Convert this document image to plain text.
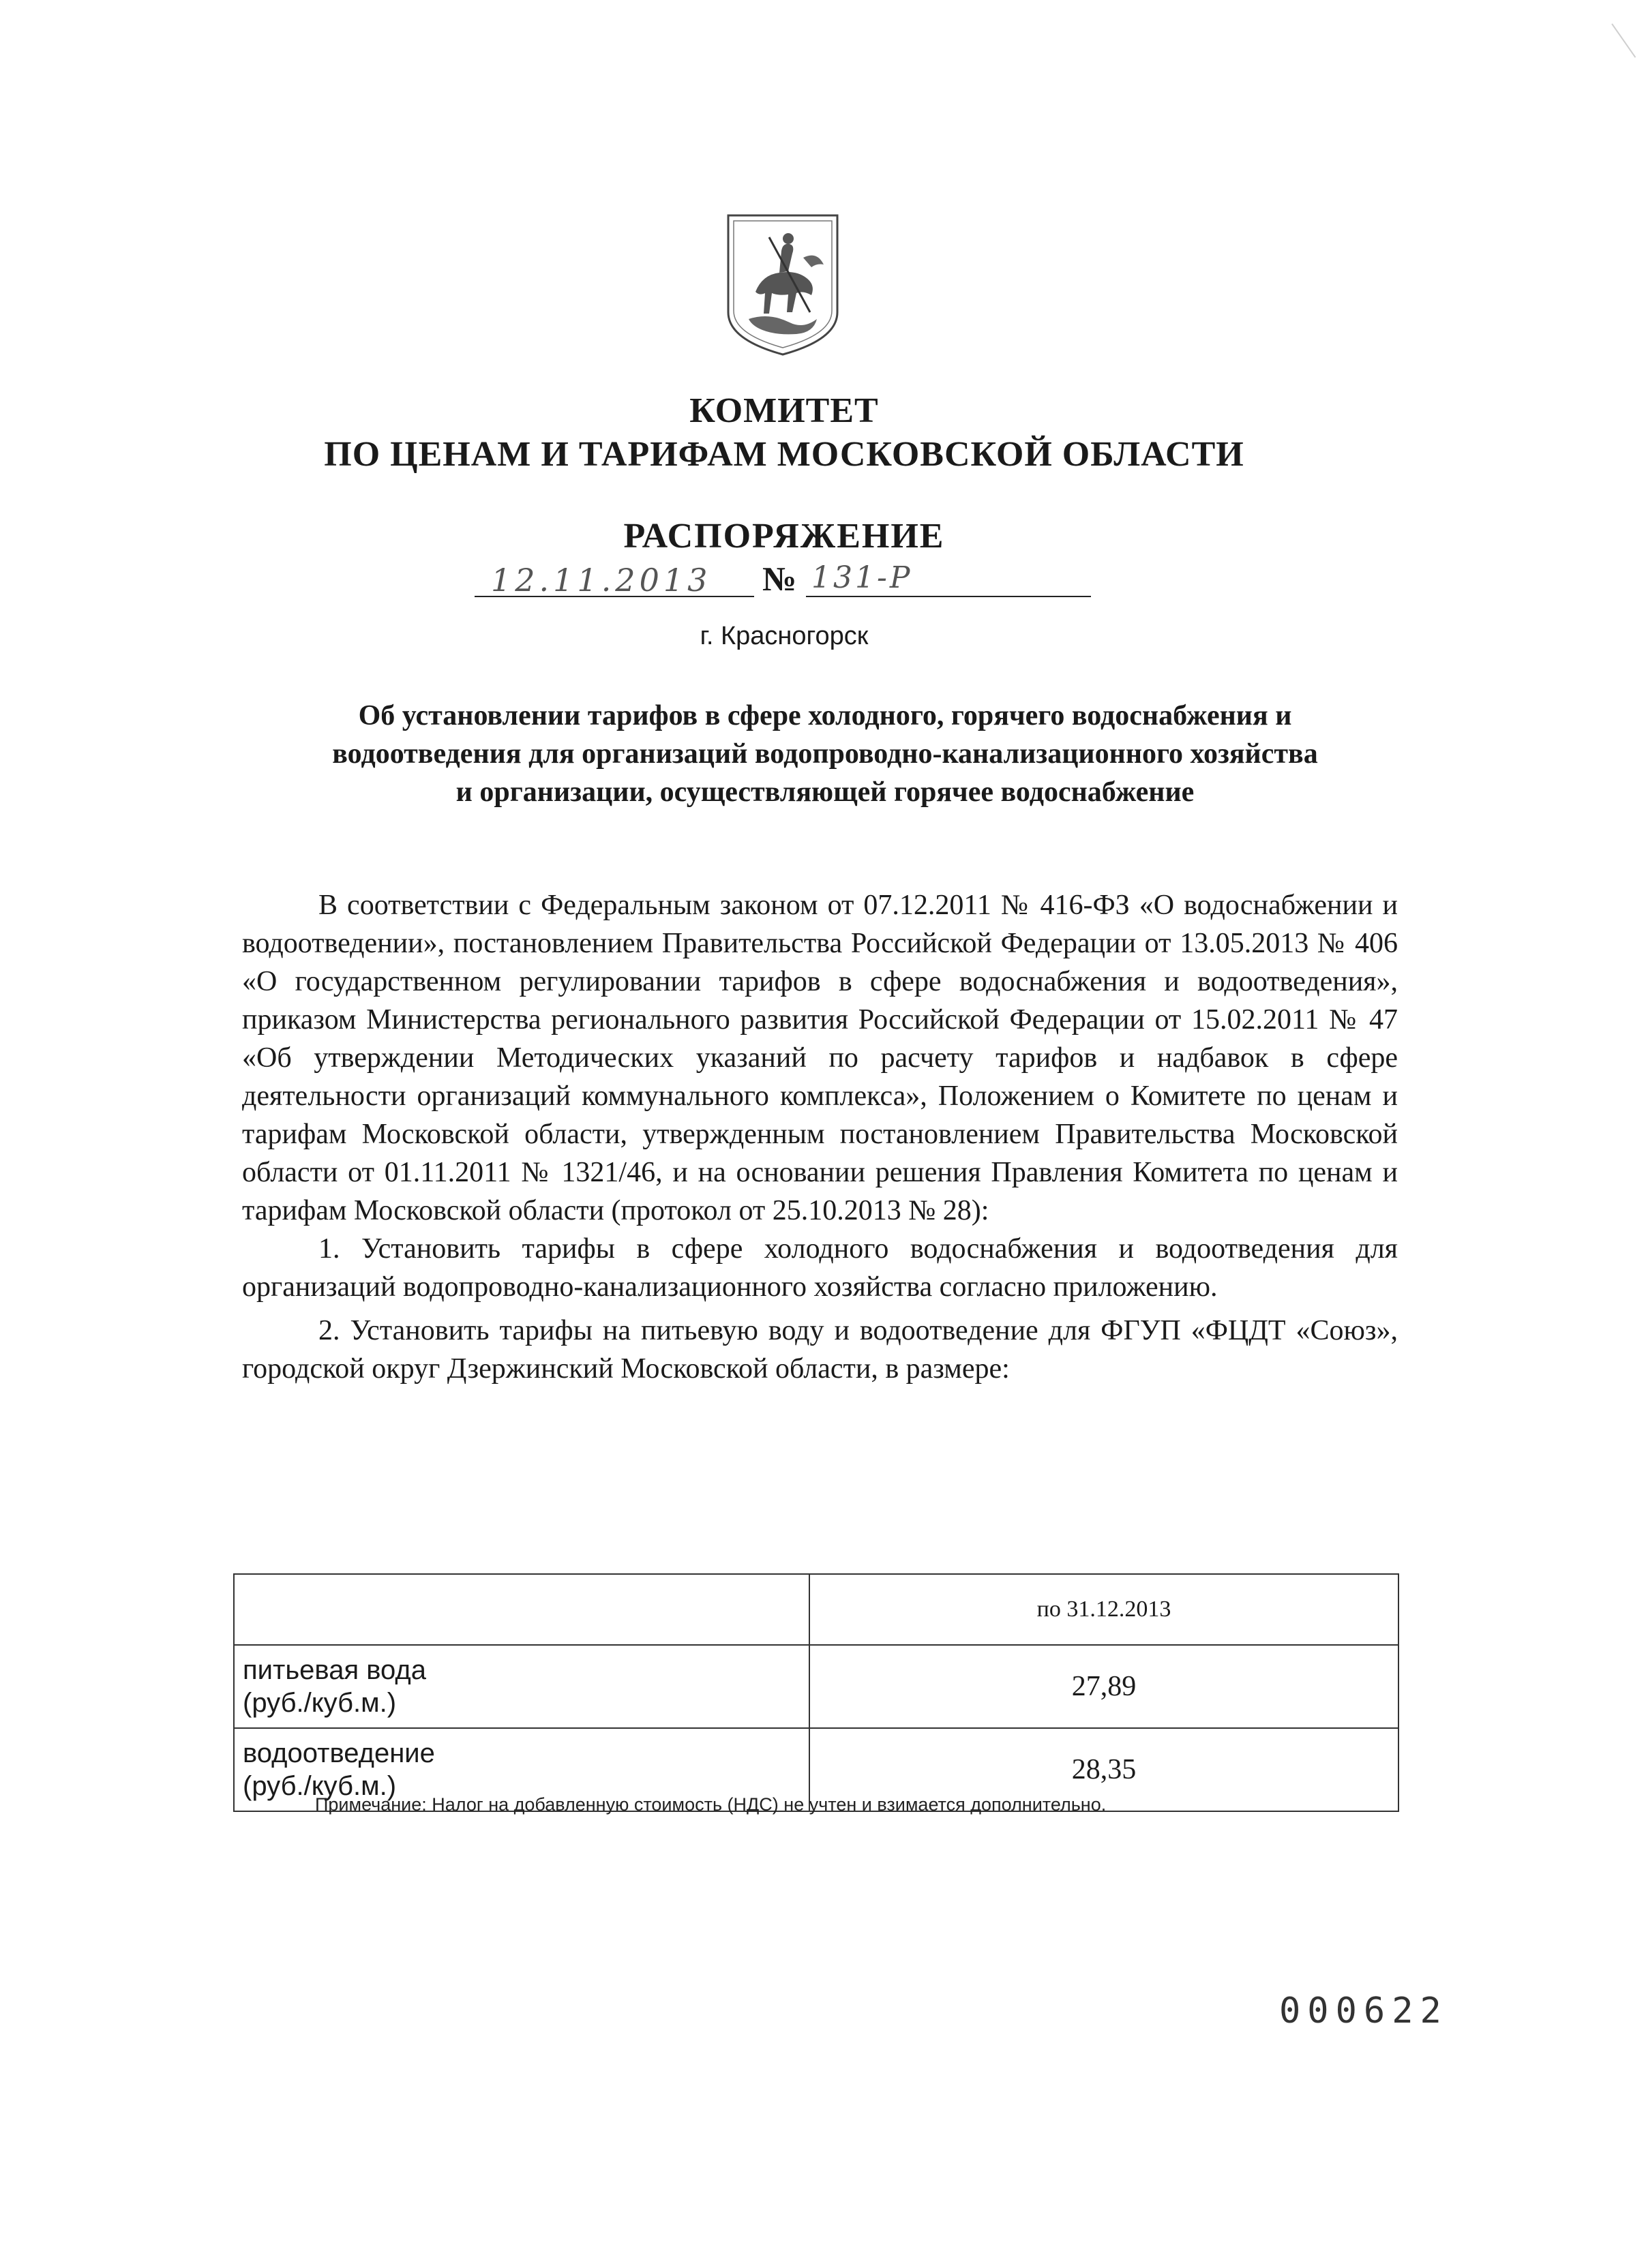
КОМИТЕТ
ПО ЦЕНАМ И ТАРИФАМ МОСКОВСКОЙ ОБЛАСТИ
РАСПОРЯЖЕНИЕ
12.11.2013	№ 131-Р
г. Красногорск
Об установлении тарифов в сфере холодного, горячего водоснабжения и
водоотведения для организаций водопроводно-канализационного хозяйства
и организации, осуществляющей горячее водоснабжение

В соответствии с Федеральным законом от 07.12.2011 № 416-ФЗ «О водоснабжении и водоотведении», постановлением Правительства Российской Федерации от 13.05.2013 № 406 «О государственном регулировании тарифов в сфере водоснабжения и водоотведения», приказом Министерства регионального развития Российской Федерации от 15.02.2011 № 47 «Об утверждении Методических указаний по расчету тарифов и надбавок в сфере деятельности организаций коммунального комплекса», Положением о Комитете по ценам и тарифам Московской области, утвержденным постановлением Правительства Московской области от 01.11.2011 № 1321/46, и на основании решения Правления Комитета по ценам и тарифам Московской области (протокол от 25.10.2013 № 28):

1. Установить тарифы в сфере холодного водоснабжения и водоотведения для организаций водопроводно-канализационного хозяйства согласно приложению.

2. Установить тарифы на питьевую воду и водоотведение для ФГУП «ФЦДТ «Союз», городской округ Дзержинский Московской области, в размере:

	по 31.12.2013

питьевая вода
(руб./куб.м.)	27,89

водоотведение
(руб./куб.м.)	28,35
Примечание: Налог на добавленную стоимость (НДС) не учтен и взимается дополнительно.
000622
